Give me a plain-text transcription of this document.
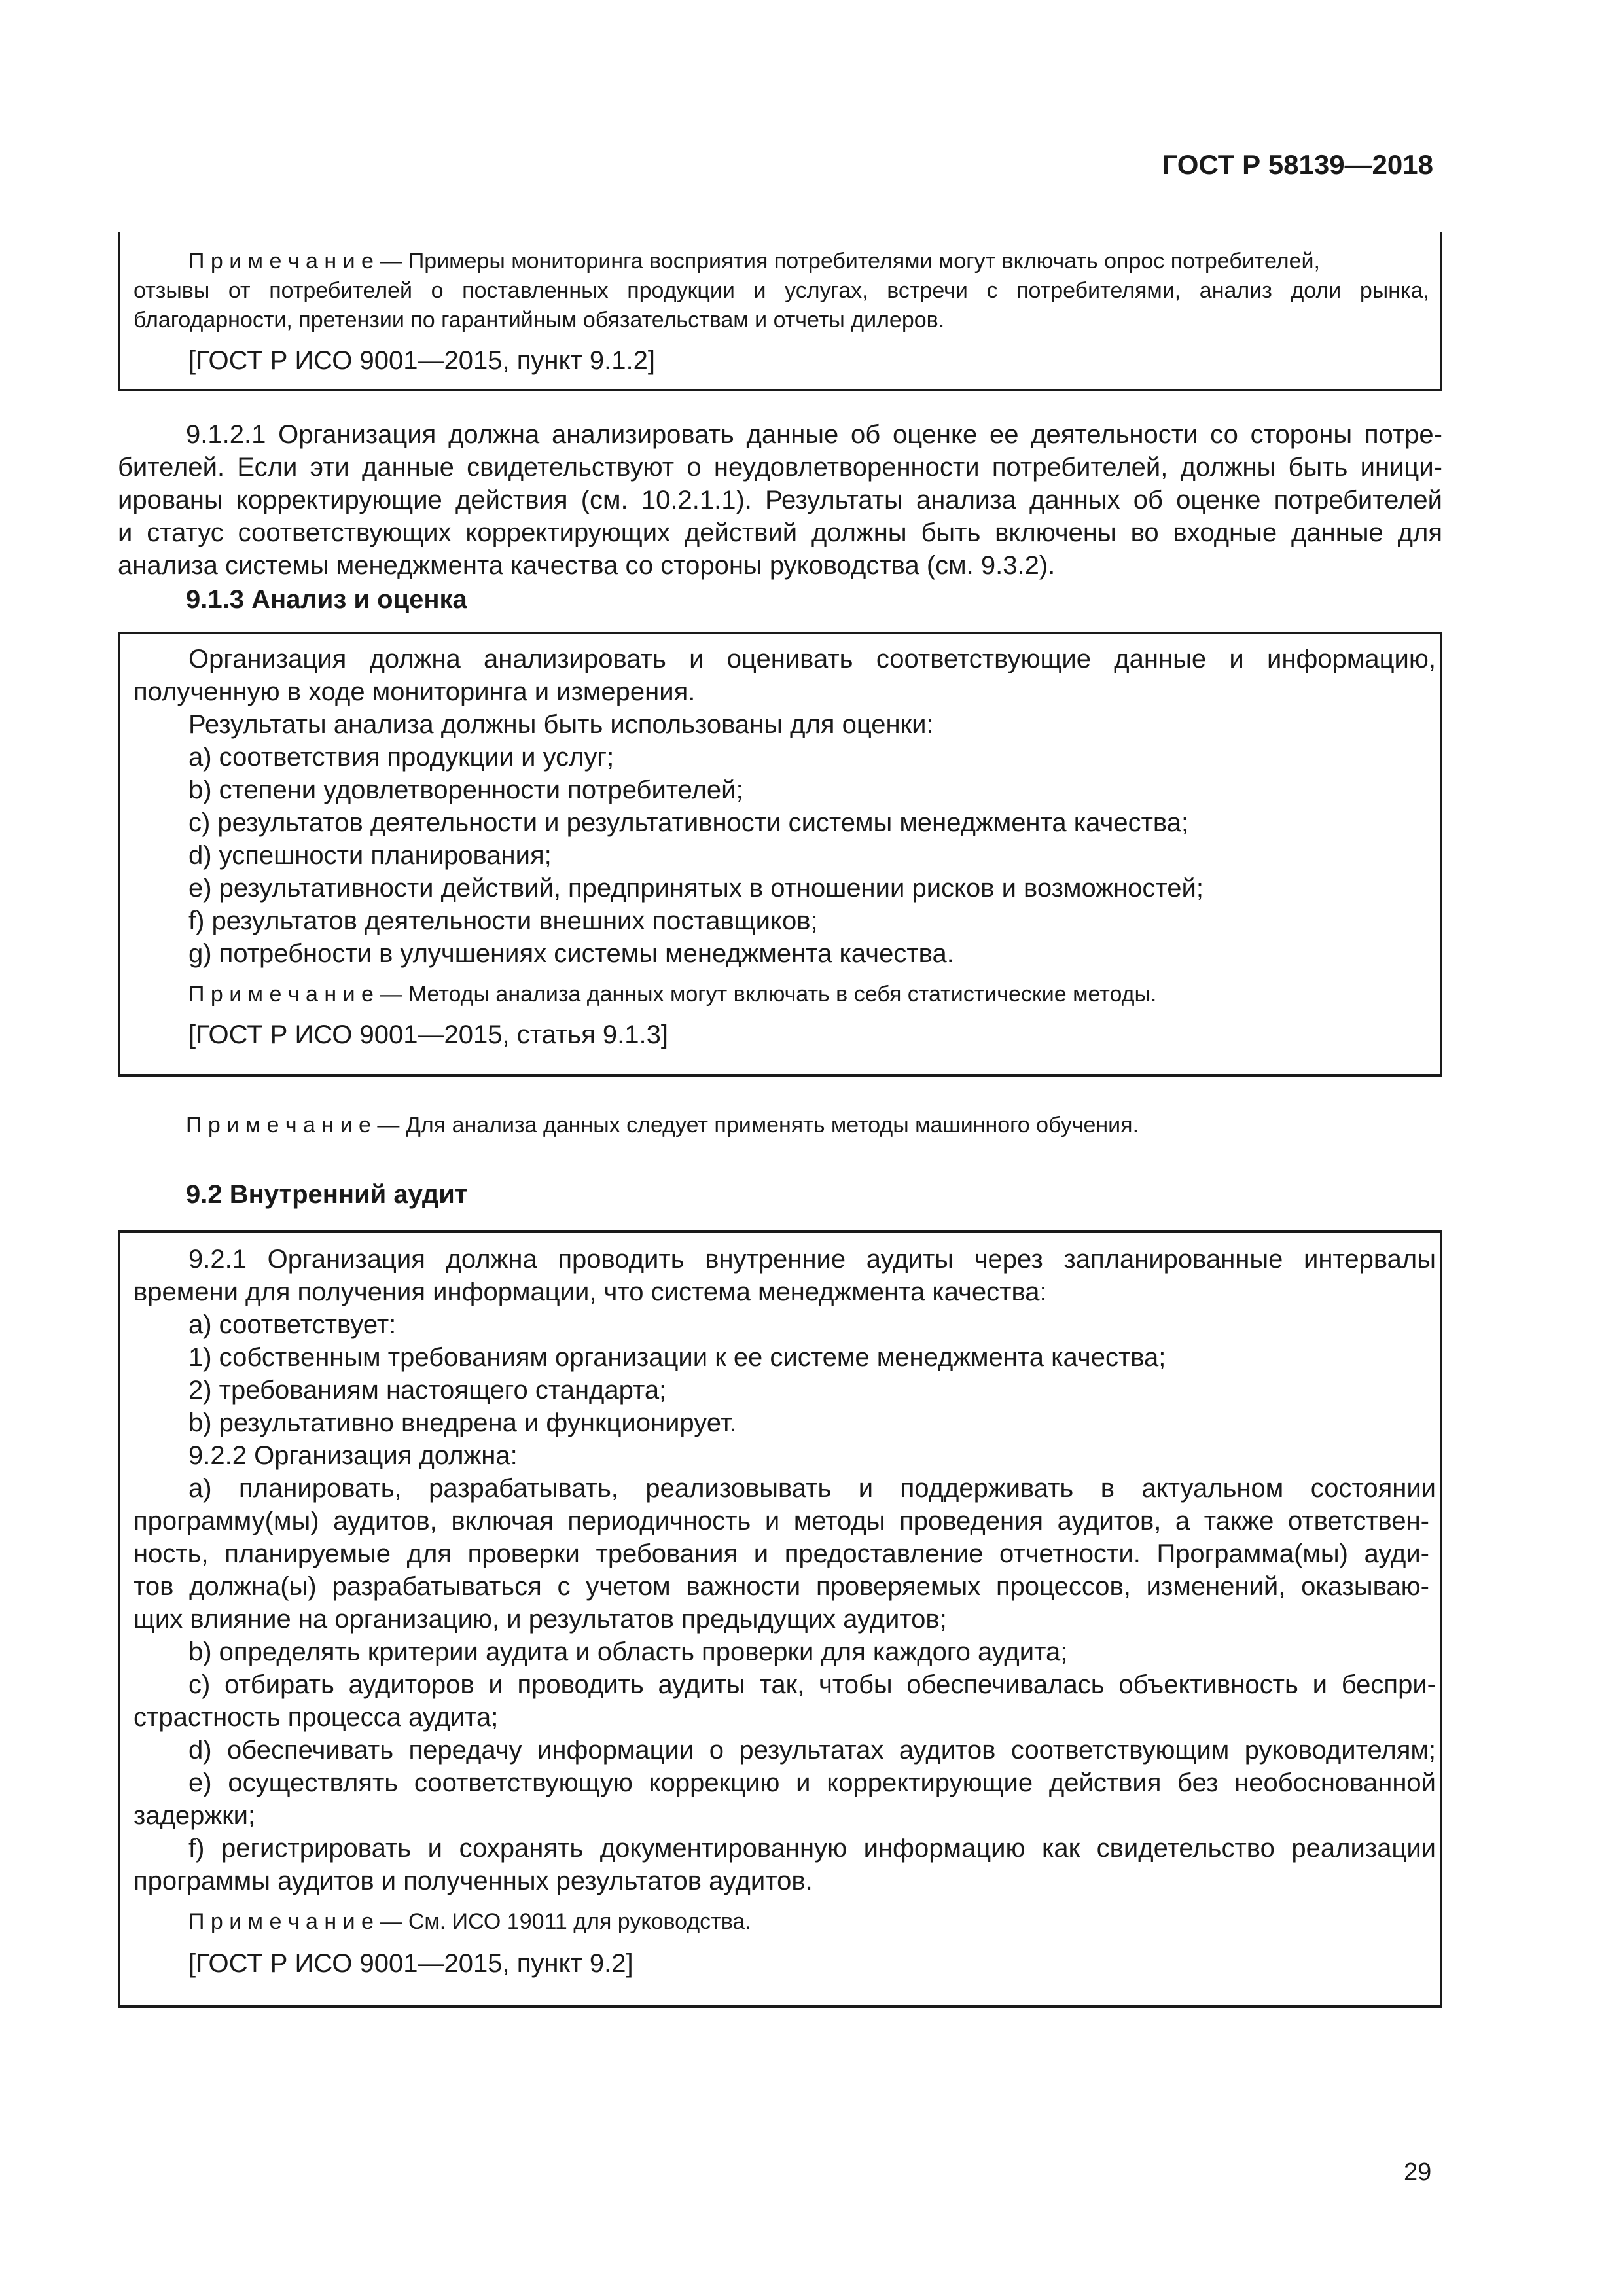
ГОСТ Р 58139—2018
П р и м е ч а н и е — Примеры мониторинга восприятия потребителями могут включать опрос потребителей,
отзывы от потребителей о поставленных продукции и услугах, встречи с потребителями, анализ доли рынка,
благодарности, претензии по гарантийным обязательствам и отчеты дилеров.
[ГОСТ Р ИСО 9001—2015, пункт 9.1.2]
9.1.2.1 Организация должна анализировать данные об оценке ее деятельности со стороны потре-
бителей. Если эти данные свидетельствуют о неудовлетворенности потребителей, должны быть иници-
ированы корректирующие действия (см. 10.2.1.1). Результаты анализа данных об оценке потребителей
и статус соответствующих корректирующих действий должны быть включены во входные данные для
анализа системы менеджмента качества со стороны руководства (см. 9.3.2).
9.1.3 Анализ и оценка
Организация должна анализировать и оценивать соответствующие данные и информацию,
полученную в ходе мониторинга и измерения.
Результаты анализа должны быть использованы для оценки:
a) соответствия продукции и услуг;
b) степени удовлетворенности потребителей;
c) результатов деятельности и результативности системы менеджмента качества;
d) успешности планирования;
e) результативности действий, предпринятых в отношении рисков и возможностей;
f) результатов деятельности внешних поставщиков;
g) потребности в улучшениях системы менеджмента качества.
П р и м е ч а н и е — Методы анализа данных могут включать в себя статистические методы.
[ГОСТ Р ИСО 9001—2015, статья 9.1.3]
П р и м е ч а н и е — Для анализа данных следует применять методы машинного обучения.
9.2 Внутренний аудит
9.2.1 Организация должна проводить внутренние аудиты через запланированные интервалы
времени для получения информации, что система менеджмента качества:
a) соответствует:
1) собственным требованиям организации к ее системе менеджмента качества;
2) требованиям настоящего стандарта;
b) результативно внедрена и функционирует.
9.2.2 Организация должна:
a) планировать, разрабатывать, реализовывать и поддерживать в актуальном состоянии
программу(мы) аудитов, включая периодичность и методы проведения аудитов, а также ответствен-
ность, планируемые для проверки требования и предоставление отчетности. Программа(мы) ауди-
тов должна(ы) разрабатываться с учетом важности проверяемых процессов, изменений, оказываю-
щих влияние на организацию, и результатов предыдущих аудитов;
b) определять критерии аудита и область проверки для каждого аудита;
c) отбирать аудиторов и проводить аудиты так, чтобы обеспечивалась объективность и беспри-
страстность процесса аудита;
d) обеспечивать передачу информации о результатах аудитов соответствующим руководителям;
e) осуществлять соответствующую коррекцию и корректирующие действия без необоснованной
задержки;
f) регистрировать и сохранять документированную информацию как свидетельство реализации
программы аудитов и полученных результатов аудитов.
П р и м е ч а н и е — См. ИСО 19011 для руководства.
[ГОСТ Р ИСО 9001—2015, пункт 9.2]
29
